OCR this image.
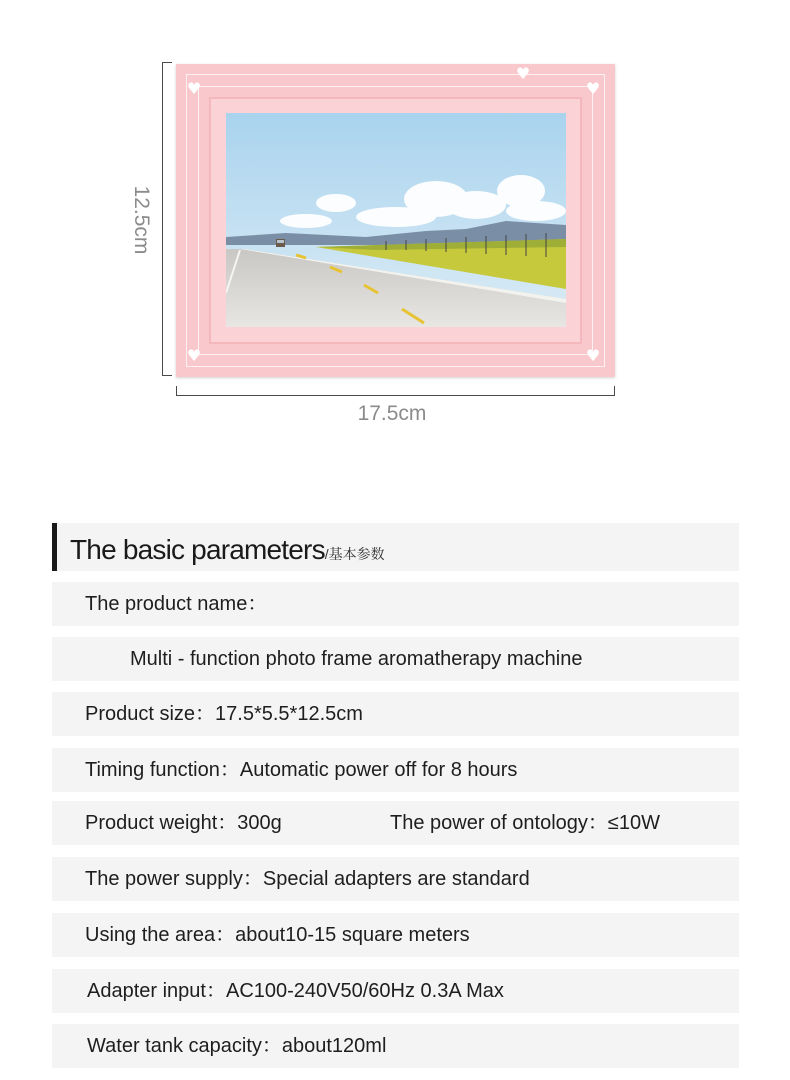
12.5cm
17.5cm
♥
♥
♥
♥	♥
The basic parameters/基本参数
The product name：
Multi - function photo frame aromatherapy machine
Product size：17.5*5.5*12.5cm
Timing function：Automatic power off for 8 hours
Product weight：300g	The power of ontology：≤10W
The power supply：Special adapters are standard
Using the area：about10-15 square meters
Adapter input：AC100-240V50/60Hz 0.3A Max
Water tank capacity：about120ml
